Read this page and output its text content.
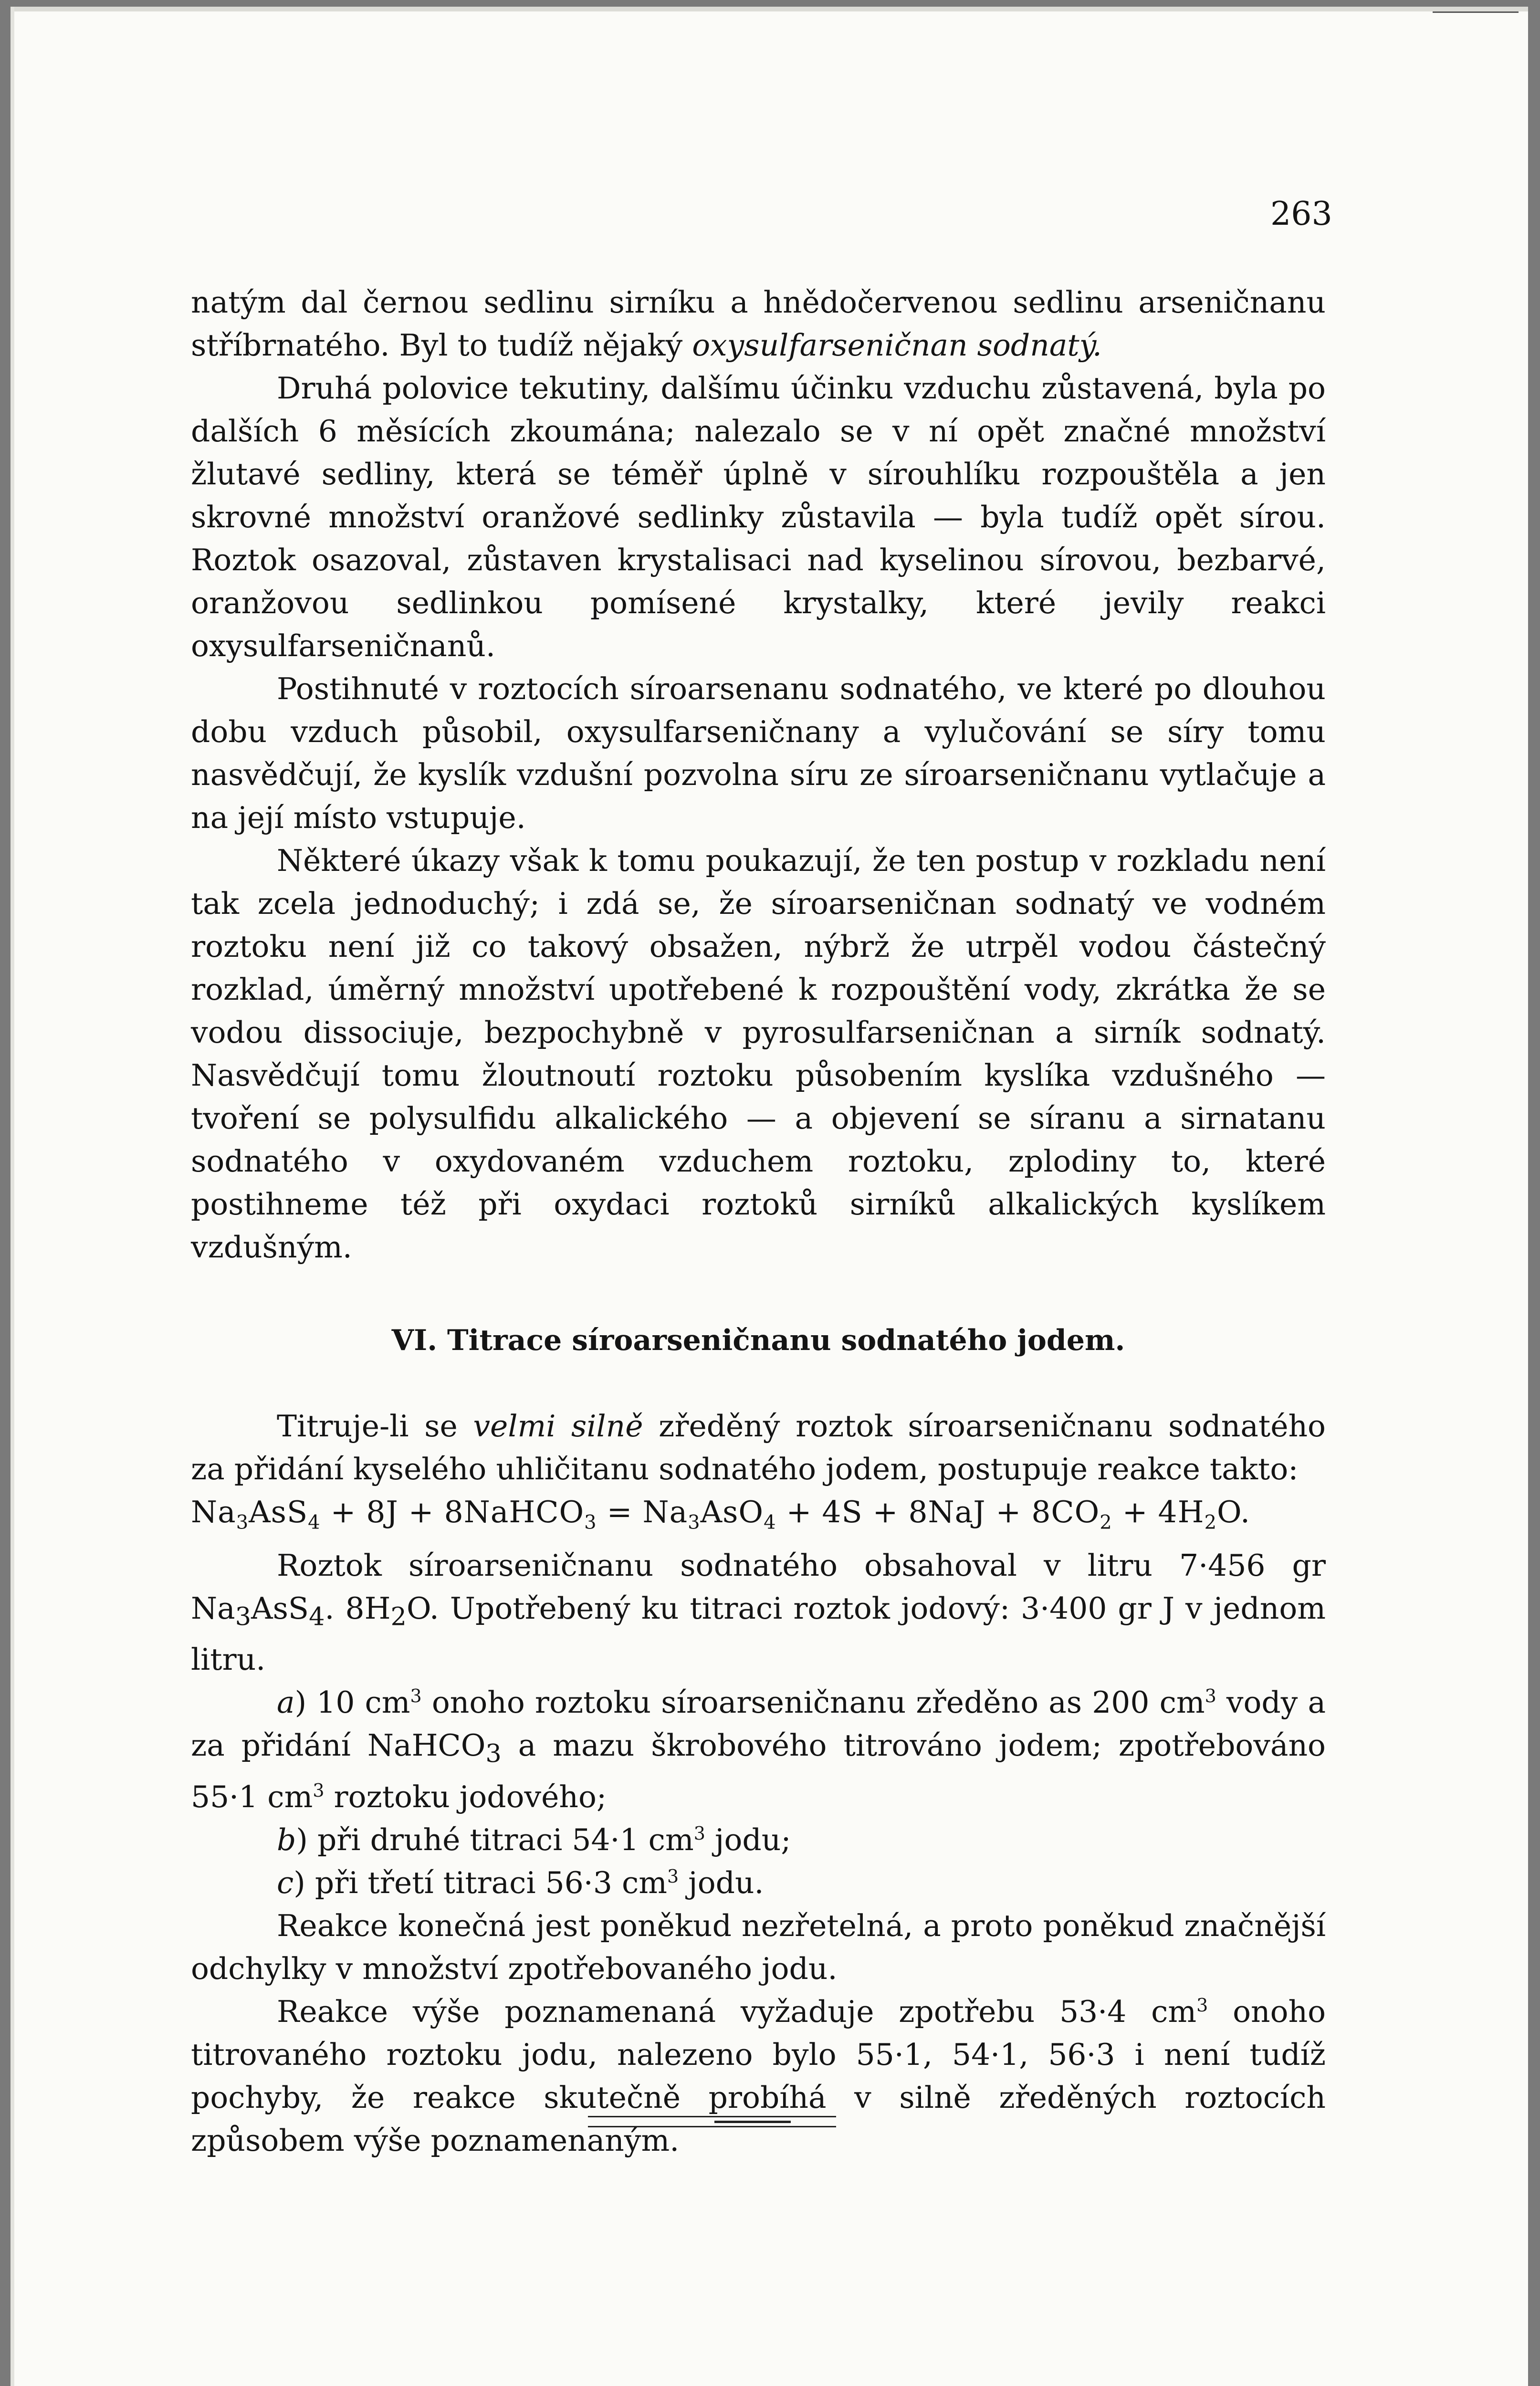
263

natým dal černou sedlinu sirníku a hnědočervenou sedlinu arseničnanu stříbrnatého. Byl to tudíž nějaký oxysulfarseničnan sodnatý.

Druhá polovice tekutiny, dalšímu účinku vzduchu zůstavená, byla po dalších 6 měsících zkoumána; nalezalo se v ní opět značné množství žlutavé sedliny, která se téměř úplně v sírouhlíku rozpouštěla a jen skrovné množství oranžové sedlinky zůstavila — byla tudíž opět sírou. Roztok osazoval, zůstaven krystalisaci nad kyselinou sírovou, bezbarvé, oranžovou sedlinkou pomísené krystalky, které jevily reakci oxysulfarseničnanů.

Postihnuté v roztocích síroarsenanu sodnatého, ve které po dlouhou dobu vzduch působil, oxysulfarseničnany a vylučování se síry tomu nasvědčují, že kyslík vzdušní pozvolna síru ze síroarseničnanu vytlačuje a na její místo vstupuje.

Některé úkazy však k tomu poukazují, že ten postup v rozkladu není tak zcela jednoduchý; i zdá se, že síroarseničnan sodnatý ve vodném roztoku není již co takový obsažen, nýbrž že utrpěl vodou částečný rozklad, úměrný množství upotřebené k rozpouštění vody, zkrátka že se vodou dissociuje, bezpochybně v pyrosulfarseničnan a sirník sodnatý. Nasvědčují tomu žloutnoutí roztoku působením kyslíka vzdušného — tvoření se polysulfidu alkalického — a objevení se síranu a sirnatanu sodnatého v oxydovaném vzduchem roztoku, zplodiny to, které postihneme též při oxydaci roztoků sirníků alkalických kyslíkem vzdušným.

VI. Titrace síroarseničnanu sodnatého jodem.

Titruje-li se velmi silně zředěný roztok síroarseničnanu sodnatého za přidání kyselého uhličitanu sodnatého jodem, postupuje reakce takto:

$Na_3AsS_4 + 8J$ + 8NaHCO$_3$ = $Na_3AsO_4 + 4S + 8NaJ + 8CO_2 + 4H_2O$.

Roztok síroarseničnanu sodnatého obsahoval v litru 7·456 gr $Na_3AsS_4$. $8H_2O$. Upotřebený ku titraci roztok jodový: 3·400 gr J v jednom litru.

a) 10 $cm^3$ onoho roztoku síroarseničnanu zředěno as 200 $cm^3$ vody a za přidání NaHCO$_3$ a mazu škrobového titrováno jodem; zpotřebováno 55·1 $cm^3$ roztoku jodového;

b) při druhé titraci 54·1 $cm^3$ jodu;

c) při třetí titraci 56·3 $cm^3$ jodu.

Reakce konečná jest poněkud nezřetelná, a proto poněkud značnější odchylky v množství zpotřebovaného jodu.

Reakce výše poznamenaná vyžaduje zpotřebu 53·4 $cm^3$ onoho titrovaného roztoku jodu, nalezeno bylo 55·1, 54·1, 56·3 i není tudíž pochyby, že reakce skutečně probíhá v silně zředěných roztocích způsobem výše poznamenaným.
